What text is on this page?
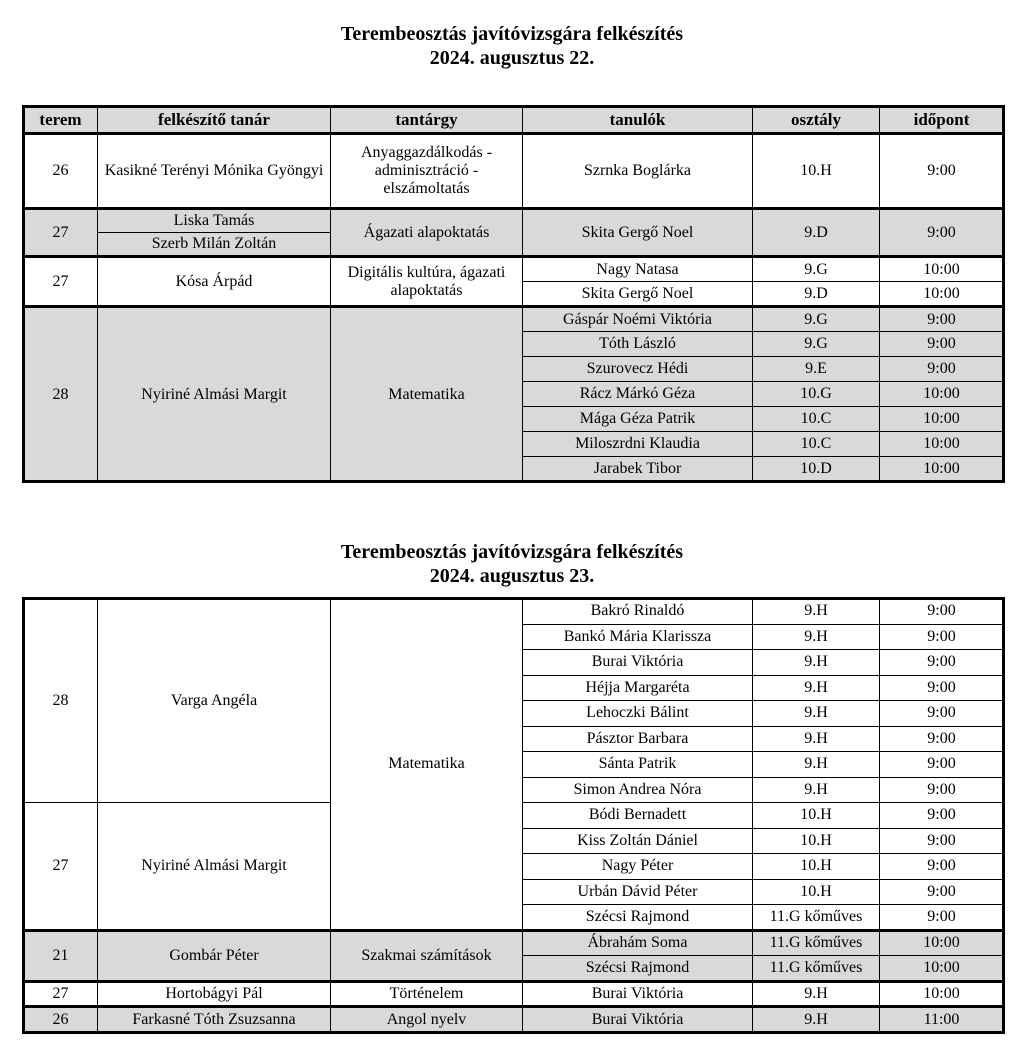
Terembeosztás javítóvizsgára felkészítés
2024. augusztus 22.
terem	felkészítő tanár	tantárgy	tanulók	osztály	időpont
26	Kasikné Terényi Mónika Gyöngyi	Anyaggazdálkodás - adminisztráció - elszámoltatás	Szrnka Boglárka	10.H	9:00
27	Liska Tamás	Ágazati alapoktatás	Skita Gergő Noel	9.D	9:00
	Szerb Milán Zoltán				
27	Kósa Árpád	Digitális kultúra, ágazati alapoktatás	Nagy Natasa	9.G	10:00
			Skita Gergő Noel	9.D	10:00
28	Nyiriné Almási Margit	Matematika	Gáspár Noémi Viktória	9.G	9:00
			Tóth László	9.G	9:00
			Szurovecz Hédi	9.E	9:00
			Rácz Márkó Géza	10.G	10:00
			Mága Géza Patrik	10.C	10:00
			Miloszrdni Klaudia	10.C	10:00
			Jarabek Tibor	10.D	10:00
Terembeosztás javítóvizsgára felkészítés
2024. augusztus 23.
28	Varga Angéla	Matematika	Bakró Rinaldó	9.H	9:00
			Bankó Mária Klarissza	9.H	9:00
			Burai Viktória	9.H	9:00
			Héjja Margaréta	9.H	9:00
			Lehoczki Bálint	9.H	9:00
			Pásztor Barbara	9.H	9:00
			Sánta Patrik	9.H	9:00
			Simon Andrea Nóra	9.H	9:00
27	Nyiriné Almási Margit		Bódi Bernadett	10.H	9:00
			Kiss Zoltán Dániel	10.H	9:00
			Nagy Péter	10.H	9:00
			Urbán Dávid Péter	10.H	9:00
			Szécsi Rajmond	11.G kőműves	9:00
21	Gombár Péter	Szakmai számítások	Ábrahám Soma	11.G kőműves	10:00
			Szécsi Rajmond	11.G kőműves	10:00
27	Hortobágyi Pál	Történelem	Burai Viktória	9.H	10:00
26	Farkasné Tóth Zsuzsanna	Angol nyelv	Burai Viktória	9.H	11:00
